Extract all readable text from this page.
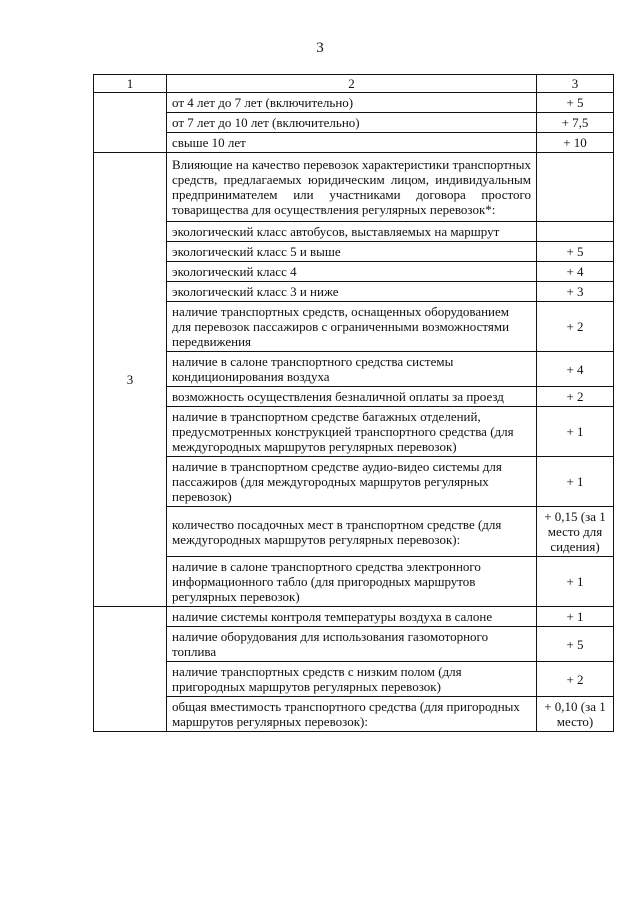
3
1	2	3
	от 4 лет до 7 лет (включительно)	+ 5
	от 7 лет до 10 лет (включительно)	+ 7,5
	свыше 10 лет	+ 10
3	Влияющие на качество перевозок характеристики транспортных средств, предлагаемых юридическим лицом, индивидуальным предпринимателем или участниками договора простого товарищества для осуществления регулярных перевозок*:	
	экологический класс автобусов, выставляемых на маршрут	
	экологический класс 5 и выше	+ 5
	экологический класс 4	+ 4
	экологический класс 3 и ниже	+ 3
	наличие транспортных средств, оснащенных оборудованием для перевозок пассажиров с ограниченными возможностями передвижения	+ 2
	наличие в салоне транспортного средства системы кондиционирования воздуха	+ 4
	возможность осуществления безналичной оплаты за проезд	+ 2
	наличие в транспортном средстве багажных отделений, предусмотренных конструкцией транспортного средства (для междугородных маршрутов регулярных перевозок)	+ 1
	наличие в транспортном средстве аудио-видео системы для пассажиров (для междугородных маршрутов регулярных перевозок)	+ 1
	количество посадочных мест в транспортном средстве (для междугородных маршрутов регулярных перевозок):	+ 0,15 (за 1 место для сидения)
	наличие в салоне транспортного средства электронного информационного табло (для пригородных маршрутов регулярных перевозок)	+ 1
	наличие системы контроля температуры воздуха в салоне	+ 1
	наличие оборудования для использования газомоторного топлива	+ 5
	наличие транспортных средств с низким полом (для пригородных маршрутов регулярных перевозок)	+ 2
	общая вместимость транспортного средства (для пригородных маршрутов регулярных перевозок):	+ 0,10 (за 1 место)
